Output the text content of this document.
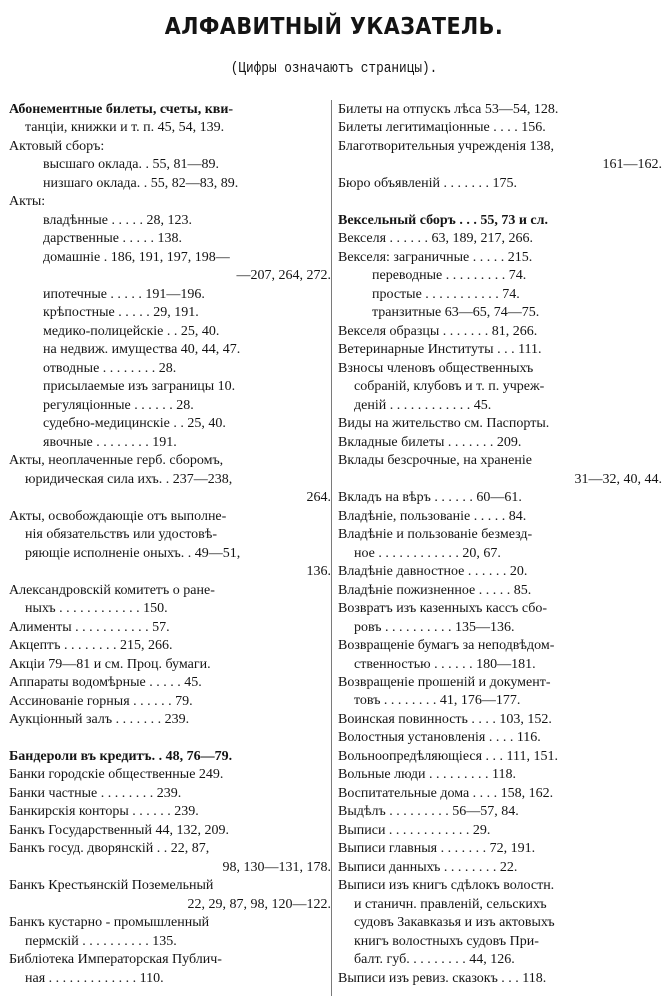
АЛФАВИТНЫЙ УКАЗАТЕЛЬ.
(Цифры означаютъ страницы).
Абонементные билеты, счеты, кви-
танціи, книжки и т. п. 45, 54, 139.
Актовый сборъ:
высшаго оклада. . 55, 81—89.
низшаго оклада. . 55, 82—83, 89.
Акты:
владѣнные . . . . . 28, 123.
дарственные . . . . . 138.
домашніе . 186, 191, 197, 198—
—207, 264, 272.
ипотечные . . . . . 191—196.
крѣпостные . . . . . 29, 191.
медико-полицейскіе . . 25, 40.
на недвиж. имущества 40, 44, 47.
отводные . . . . . . . . 28.
присылаемые изъ заграницы 10.
регуляціонные . . . . . . 28.
судебно-медицинскіе . . 25, 40.
явочные . . . . . . . . 191.
Акты, неоплаченные герб. сборомъ,
юридическая сила ихъ. . 237—238,
264.
Акты, освобождающіе отъ выполне-
нія обязательствъ или удостовѣ-
ряющіе исполненіе оныхъ. . 49—51,
136.
Александровскій комитетъ о ране-
ныхъ . . . . . . . . . . . . 150.
Алименты . . . . . . . . . . . 57.
Акцептъ . . . . . . . . 215, 266.
Акціи 79—81 и см. Проц. бумаги.
Аппараты водомѣрные . . . . . 45.
Ассинованіе горныя . . . . . . 79.
Аукціонный залъ . . . . . . . 239.
Бандероли въ кредитъ. . 48, 76—79.
Банки городскіе общественные 249.
Банки частные . . . . . . . . 239.
Банкирскія конторы . . . . . . 239.
Банкъ Государственный 44, 132, 209.
Банкъ госуд. дворянскій . . 22, 87,
98, 130—131, 178.
Банкъ Крестьянскій Поземельный
22, 29, 87, 98, 120—122.
Банкъ кустарно - промышленный
пермскій . . . . . . . . . . 135.
Библіотека Императорская Публич-
ная . . . . . . . . . . . . . 110.
Билеты на отпускъ лѣса 53—54, 128.
Билеты легитимаціонные . . . . 156.
Благотворительныя учрежденія 138,
161—162.
Бюро объявленій . . . . . . . 175.
Вексельный сборъ . . . 55, 73 и сл.
Векселя . . . . . . 63, 189, 217, 266.
Векселя: заграничные . . . . . 215.
переводные . . . . . . . . . 74.
простые . . . . . . . . . . . 74.
транзитные 63—65, 74—75.
Векселя образцы . . . . . . . 81, 266.
Ветеринарные Институты . . . 111.
Взносы членовъ общественныхъ
собраній, клубовъ и т. п. учреж-
деній . . . . . . . . . . . . 45.
Виды на жительство см. Паспорты.
Вкладные билеты . . . . . . . 209.
Вклады безсрочные, на храненіе
31—32, 40, 44.
Вкладъ на вѣръ . . . . . . 60—61.
Владѣніе, пользованіе . . . . . 84.
Владѣніе и пользованіе безмезд-
ное . . . . . . . . . . . . 20, 67.
Владѣніе давностное . . . . . . 20.
Владѣніе пожизненное . . . . . 85.
Возвратъ изъ казенныхъ кассъ сбо-
ровъ . . . . . . . . . . 135—136.
Возвращеніе бумагъ за неподвѣдом-
ственностью . . . . . . 180—181.
Возвращеніе прошеній и документ-
товъ . . . . . . . . 41, 176—177.
Воинская повинность . . . . 103, 152.
Волостныя установленія . . . . 116.
Вольноопредѣляющіеся . . . 111, 151.
Вольные люди . . . . . . . . . 118.
Воспитательные дома . . . . 158, 162.
Выдѣлъ . . . . . . . . . 56—57, 84.
Выписи . . . . . . . . . . . . 29.
Выписи главныя . . . . . . . 72, 191.
Выписи данныхъ . . . . . . . . 22.
Выписи изъ книгъ сдѣлокъ волостн.
и станичн. правленій, сельскихъ
судовъ Закавказья и изъ актовыхъ
книгъ волостныхъ судовъ При-
балт. губ. . . . . . . . . 44, 126.
Выписи изъ ревиз. сказокъ . . . 118.
